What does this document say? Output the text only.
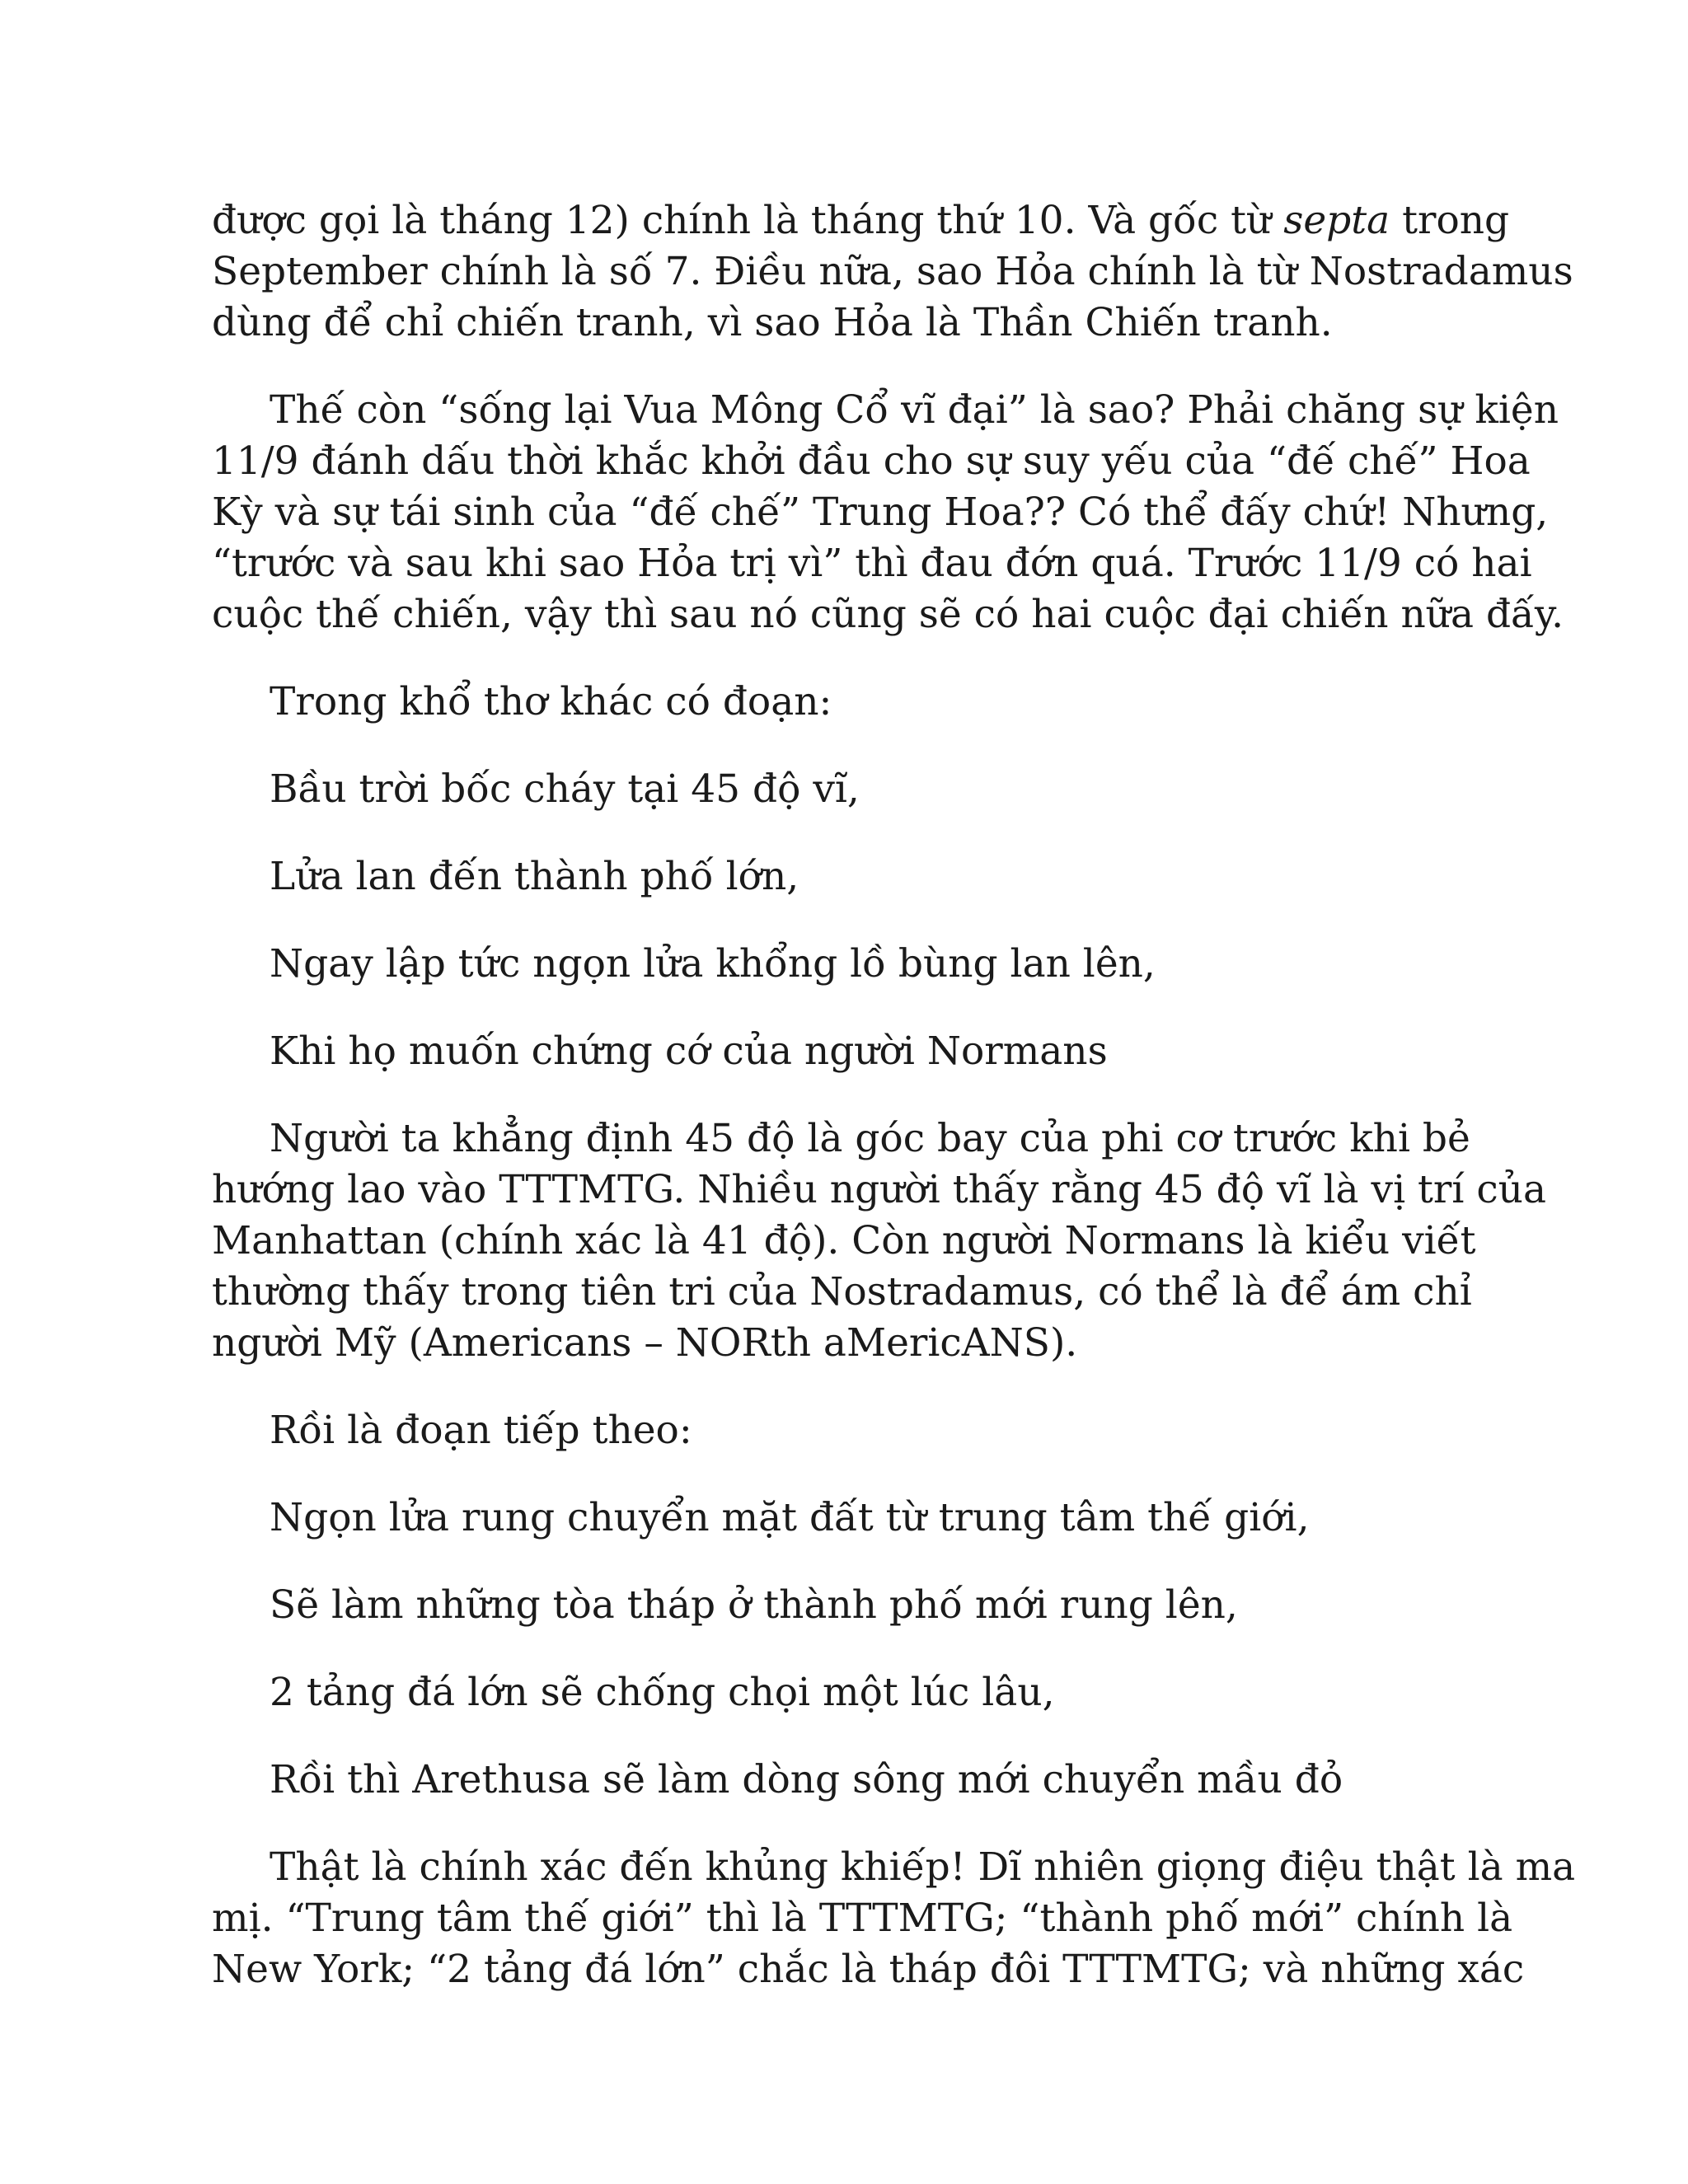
được gọi là tháng 12) chính là tháng thứ 10. Và gốc từ septa trong
September chính là số 7. Điều nữa, sao Hỏa chính là từ Nostradamus
dùng để chỉ chiến tranh, vì sao Hỏa là Thần Chiến tranh.

Thế còn “sống lại Vua Mông Cổ vĩ đại” là sao? Phải chăng sự kiện
11/9 đánh dấu thời khắc khởi đầu cho sự suy yếu của “đế chế” Hoa
Kỳ và sự tái sinh của “đế chế” Trung Hoa?? Có thể đấy chứ! Nhưng,
“trước và sau khi sao Hỏa trị vì” thì đau đớn quá. Trước 11/9 có hai
cuộc thế chiến, vậy thì sau nó cũng sẽ có hai cuộc đại chiến nữa đấy.

Trong khổ thơ khác có đoạn:

Bầu trời bốc cháy tại 45 độ vĩ,

Lửa lan đến thành phố lớn,

Ngay lập tức ngọn lửa khổng lồ bùng lan lên,

Khi họ muốn chứng cớ của người Normans

Người ta khẳng định 45 độ là góc bay của phi cơ trước khi bẻ
hướng lao vào TTTMTG. Nhiều người thấy rằng 45 độ vĩ là vị trí của
Manhattan (chính xác là 41 độ). Còn người Normans là kiểu viết
thường thấy trong tiên tri của Nostradamus, có thể là để ám chỉ
người Mỹ (Americans – NORth aMericANS).

Rồi là đoạn tiếp theo:

Ngọn lửa rung chuyển mặt đất từ trung tâm thế giới,

Sẽ làm những tòa tháp ở thành phố mới rung lên,

2 tảng đá lớn sẽ chống chọi một lúc lâu,

Rồi thì Arethusa sẽ làm dòng sông mới chuyển mầu đỏ

Thật là chính xác đến khủng khiếp! Dĩ nhiên giọng điệu thật là ma
mị. “Trung tâm thế giới” thì là TTTMTG; “thành phố mới” chính là
New York; “2 tảng đá lớn” chắc là tháp đôi TTTMTG; và những xác
